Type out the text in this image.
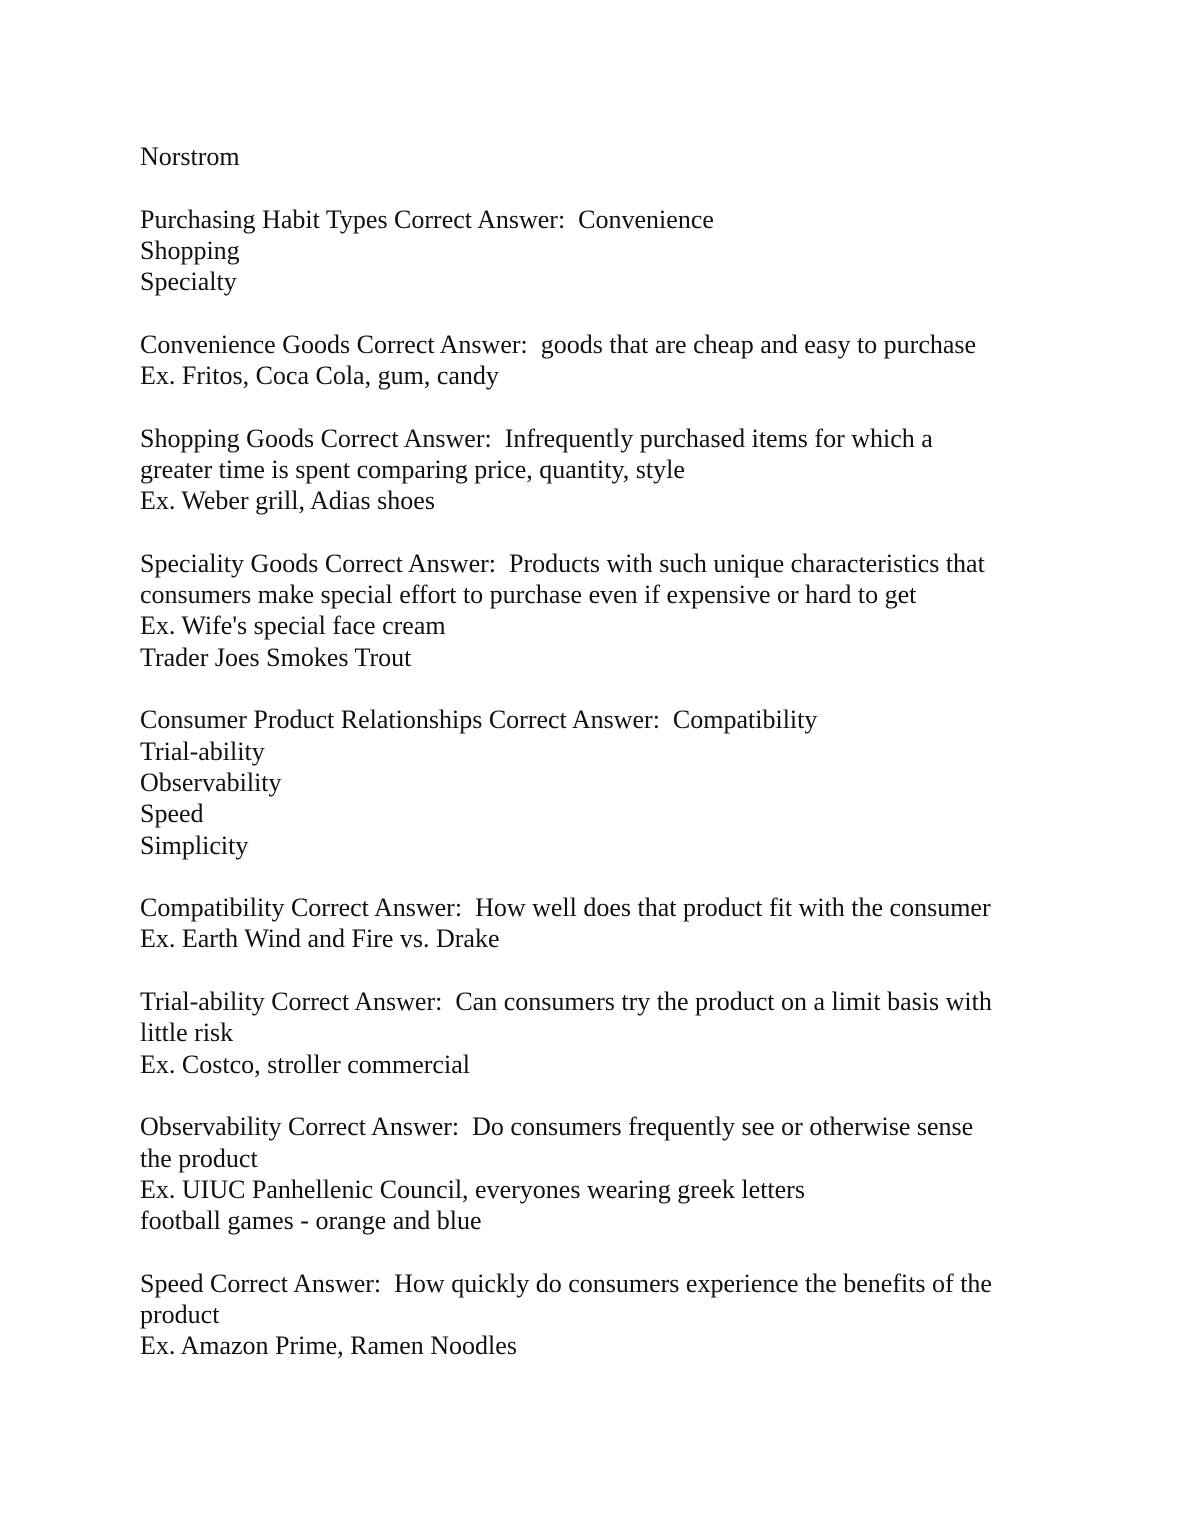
Norstrom
Purchasing Habit Types Correct Answer:  Convenience
Shopping
Specialty
Convenience Goods Correct Answer:  goods that are cheap and easy to purchase
Ex. Fritos, Coca Cola, gum, candy
Shopping Goods Correct Answer:  Infrequently purchased items for which a
greater time is spent comparing price, quantity, style
Ex. Weber grill, Adias shoes
Speciality Goods Correct Answer:  Products with such unique characteristics that
consumers make special effort to purchase even if expensive or hard to get
Ex. Wife's special face cream
Trader Joes Smokes Trout
Consumer Product Relationships Correct Answer:  Compatibility
Trial-ability
Observability
Speed
Simplicity
Compatibility Correct Answer:  How well does that product fit with the consumer
Ex. Earth Wind and Fire vs. Drake
Trial-ability Correct Answer:  Can consumers try the product on a limit basis with
little risk
Ex. Costco, stroller commercial
Observability Correct Answer:  Do consumers frequently see or otherwise sense
the product
Ex. UIUC Panhellenic Council, everyones wearing greek letters
football games - orange and blue
Speed Correct Answer:  How quickly do consumers experience the benefits of the
product
Ex. Amazon Prime, Ramen Noodles
